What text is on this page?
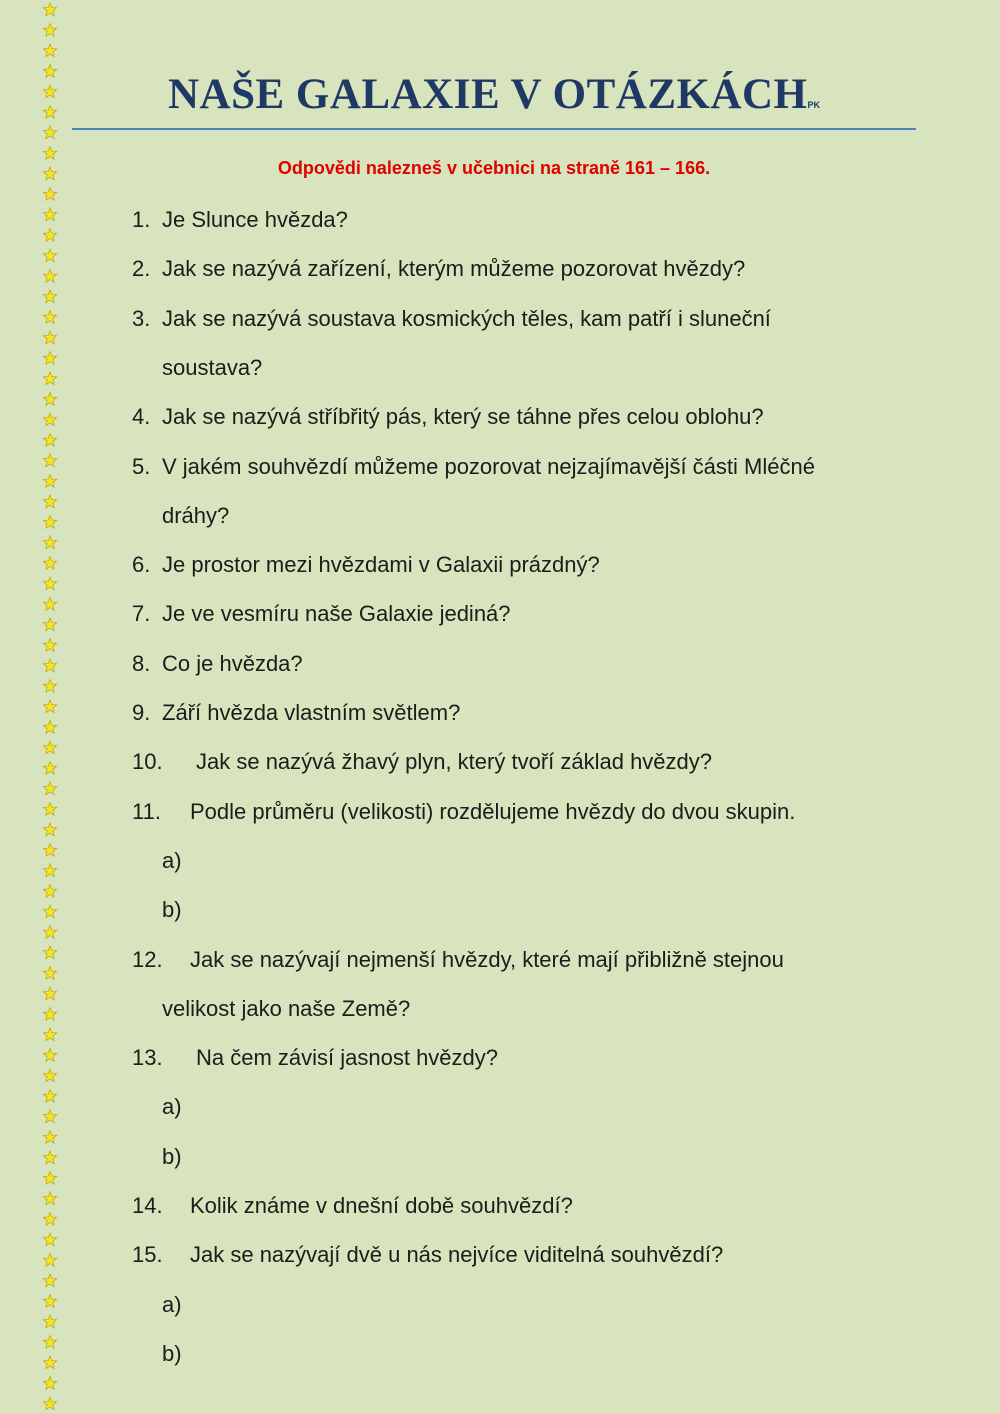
NAŠE GALAXIE V OTÁZKÁCHPK
Odpovědi nalezneš v učebnici na straně 161 – 166.
1. Je Slunce hvězda?
2. Jak se nazývá zařízení, kterým můžeme pozorovat hvězdy?
3. Jak se nazývá soustava kosmických těles, kam patří i sluneční
soustava?
4. Jak se nazývá stříbřitý pás, který se táhne přes celou oblohu?
5. V jakém souhvězdí můžeme pozorovat nejzajímavější části Mléčné
dráhy?
6. Je prostor mezi hvězdami v Galaxii prázdný?
7. Je ve vesmíru naše Galaxie jediná?
8. Co je hvězda?
9. Září hvězda vlastním světlem?
10. Jak se nazývá žhavý plyn, který tvoří základ hvězdy?
11. Podle průměru (velikosti) rozdělujeme hvězdy do dvou skupin.
a)
b)
12. Jak se nazývají nejmenší hvězdy, které mají přibližně stejnou
velikost jako naše Země?
13. Na čem závisí jasnost hvězdy?
a)
b)
14. Kolik známe v dnešní době souhvězdí?
15. Jak se nazývají dvě u nás nejvíce viditelná souhvězdí?
a)
b)
